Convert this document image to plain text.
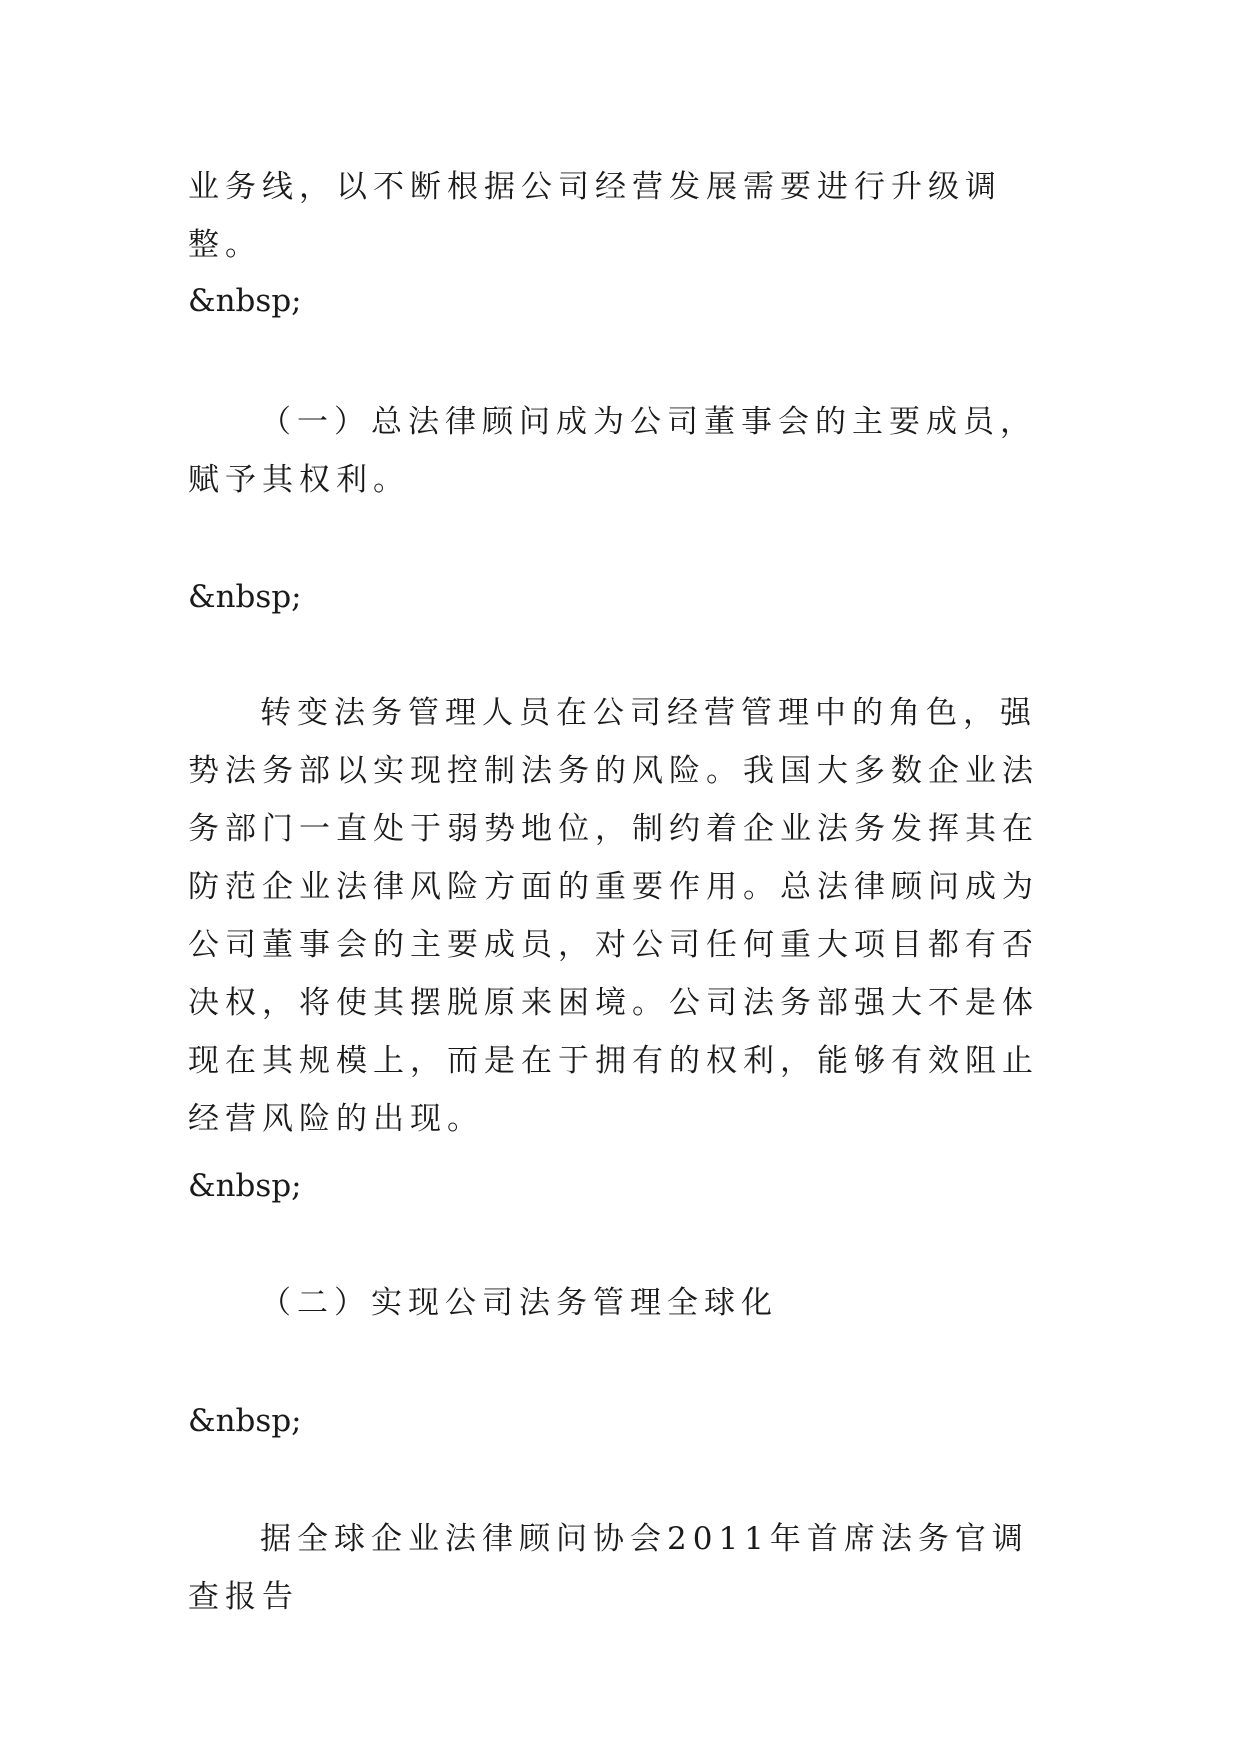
业务线，以不断根据公司经营发展需要进行升级调整。

&nbsp;

（一）总法律顾问成为公司董事会的主要成员，赋予其权利。

&nbsp;

转变法务管理人员在公司经营管理中的角色，强势法务部以实现控制法务的风险。我国大多数企业法务部门一直处于弱势地位，制约着企业法务发挥其在防范企业法律风险方面的重要作用。总法律顾问成为公司董事会的主要成员，对公司任何重大项目都有否决权，将使其摆脱原来困境。公司法务部强大不是体现在其规模上，而是在于拥有的权利，能够有效阻止经营风险的出现。

&nbsp;

（二）实现公司法务管理全球化

&nbsp;

据全球企业法律顾问协会2011年首席法务官调查报告
